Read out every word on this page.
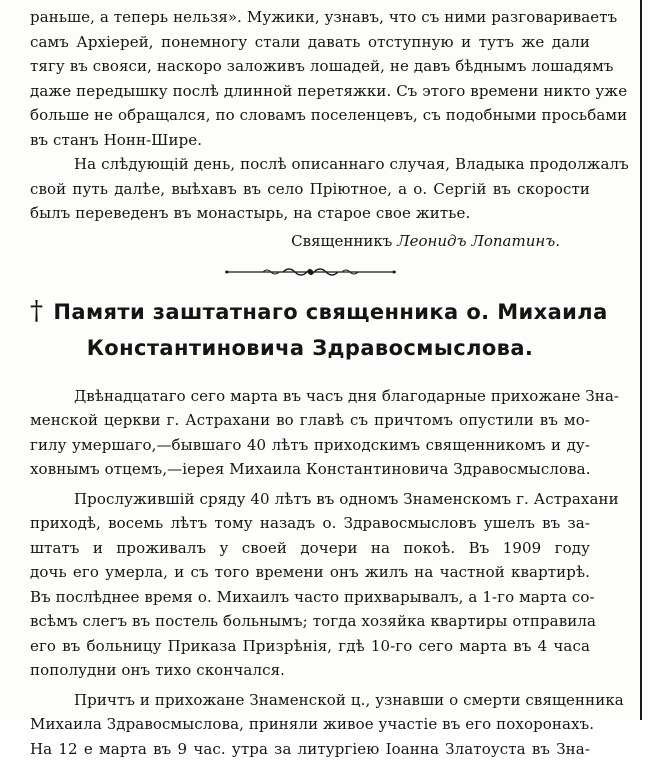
раньше, а теперь нельзя». Мужики, узнавъ, что съ ними разговариваетъ
самъ Архіерей, понемногу стали давать отступную и тутъ же дали
тягу въ свояси, наскоро заложивъ лошадей, не давъ бѣднымъ лошадямъ
даже передышку послѣ длинной перетяжки. Съ этого времени никто уже
больше не обращался, по словамъ поселенцевъ, съ подобными просьбами
въ станъ Нонн-Шире.
На слѣдующій день, послѣ описаннаго случая, Владыка продолжалъ
свой путь далѣе, выѣхавъ въ село Пріютное, а о. Сергій въ скорости
былъ переведенъ въ монастырь, на старое свое житье.
Священникъ Леонидъ Лопатинъ.
† Памяти заштатнаго священника о. Михаила
Константиновича Здравосмыслова.
Двѣнадцатаго сего марта въ часъ дня благодарные прихожане Зна-
менской церкви г. Астрахани во главѣ съ причтомъ опустили въ мо-
гилу умершаго,—бывшаго 40 лѣтъ приходскимъ священникомъ и ду-
ховнымъ отцемъ,—iерея Михаила Константиновича Здравосмыслова.
Прослужившій сряду 40 лѣтъ въ одномъ Знаменскомъ г. Астрахани
приходѣ, восемь лѣтъ тому назадъ о. Здравосмысловъ ушелъ въ за-
штатъ и проживалъ у своей дочери на покоѣ. Въ 1909 году
дочь его умерла, и съ того времени онъ жилъ на частной квартирѣ.
Въ послѣднее время о. Михаилъ часто прихварывалъ, а 1-го марта со-
всѣмъ слегъ въ постель больнымъ; тогда хозяйка квартиры отправила
его въ больницу Приказа Призрѣнія, гдѣ 10-го сего марта въ 4 часа
пополудни онъ тихо скончался.
Причтъ и прихожане Знаменской ц., узнавши о смерти священника
Михаила Здравосмыслова, приняли живое участіе въ его похоронахъ.
На 12 е марта въ 9 час. утра за литургіею Іоанна Златоуста въ Зна-
